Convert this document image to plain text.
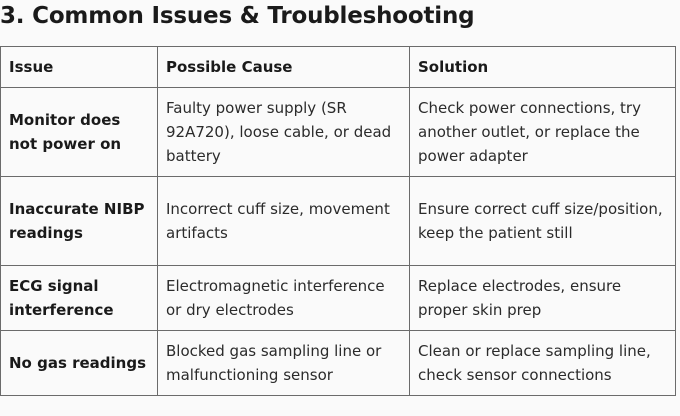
3. Common Issues & Troubleshooting
Issue	Possible Cause	Solution
Monitor does not power on	Faulty power supply (SR 92A720), loose cable, or dead battery	Check power connections, try another outlet, or replace the power adapter
Inaccurate NIBP readings	Incorrect cuff size, movement artifacts	Ensure correct cuff size/position, keep the patient still
ECG signal interference	Electromagnetic interference or dry electrodes	Replace electrodes, ensure proper skin prep
No gas readings	Blocked gas sampling line or malfunctioning sensor	Clean or replace sampling line, check sensor connections
